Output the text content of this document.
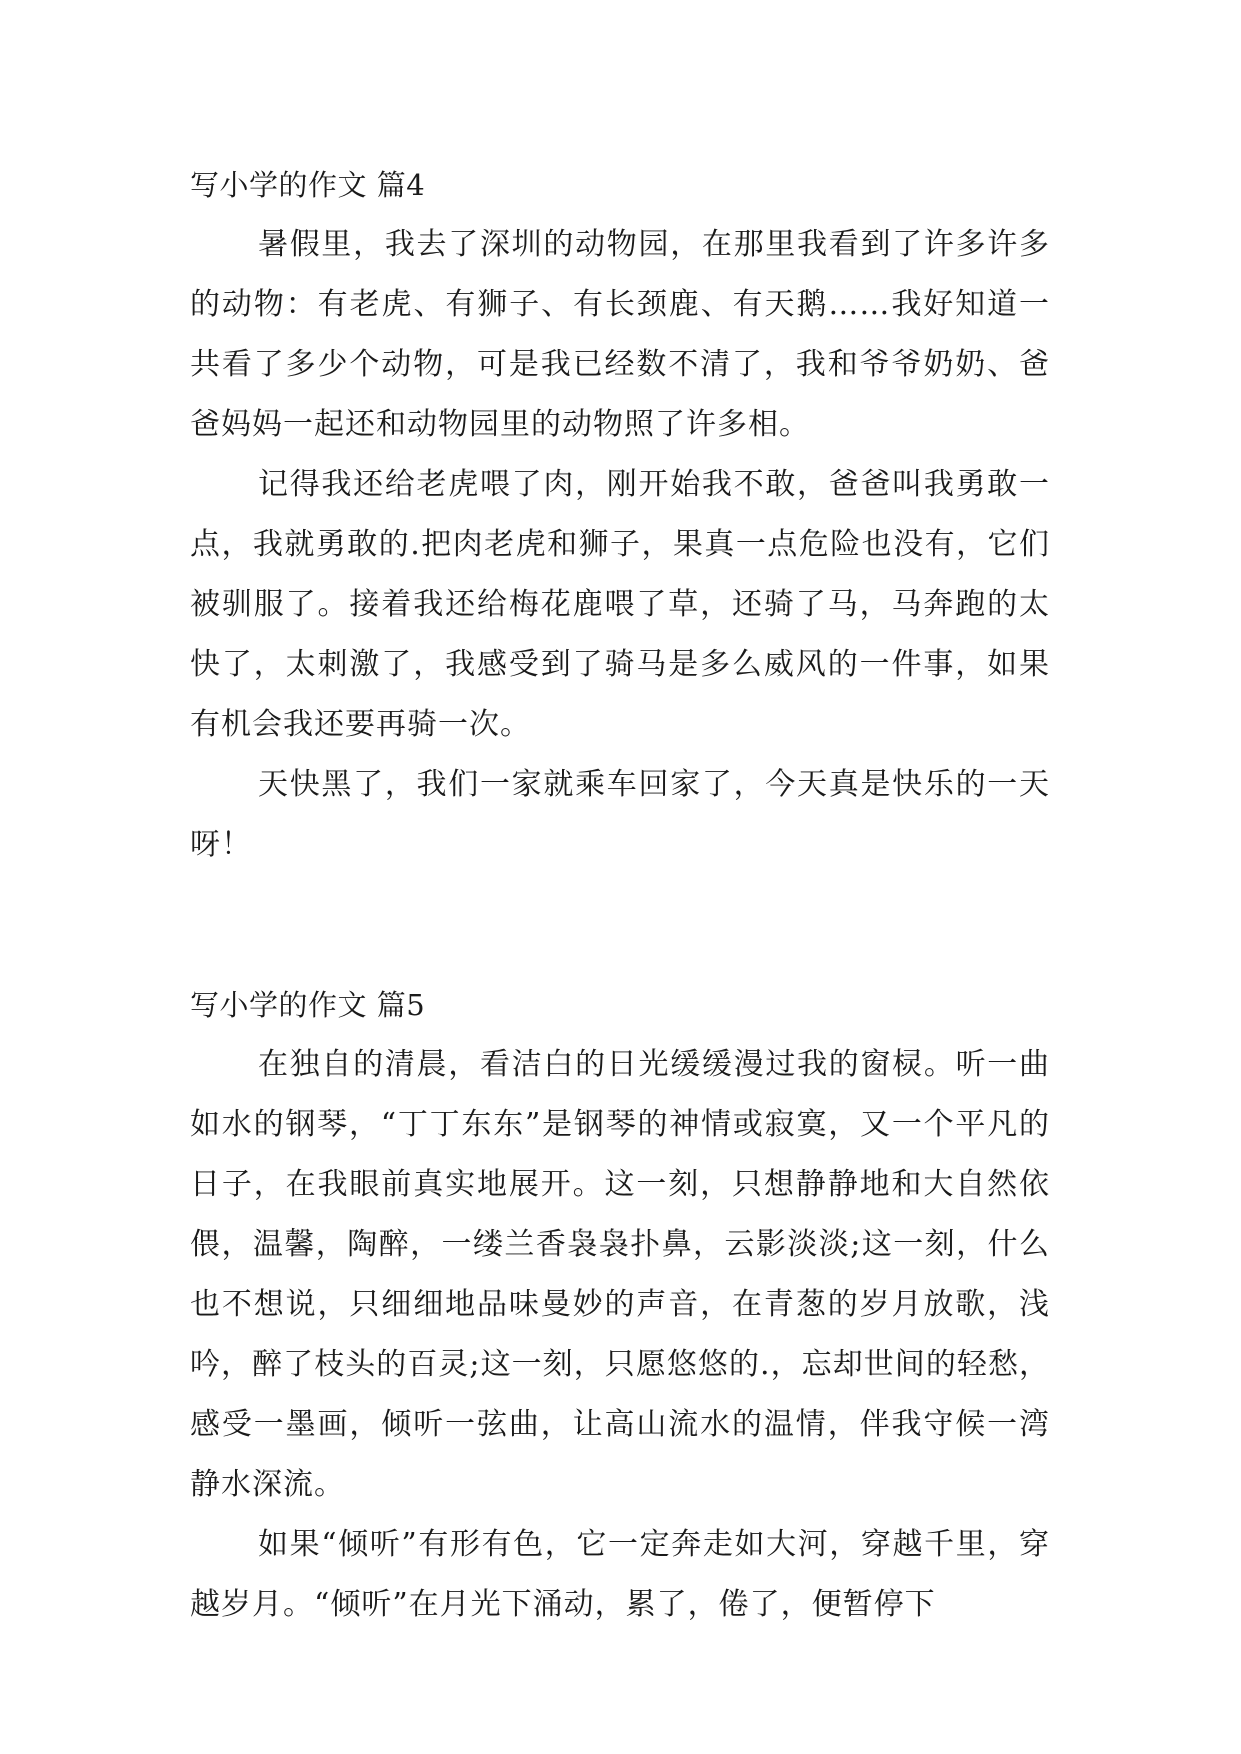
写小学的作文 篇4

暑假里，我去了深圳的动物园，在那里我看到了许多许多的动物：有老虎、有狮子、有长颈鹿、有天鹅……我好知道一共看了多少个动物，可是我已经数不清了，我和爷爷奶奶、爸爸妈妈一起还和动物园里的动物照了许多相。

记得我还给老虎喂了肉，刚开始我不敢，爸爸叫我勇敢一点，我就勇敢的.把肉老虎和狮子，果真一点危险也没有，它们被驯服了。接着我还给梅花鹿喂了草，还骑了马，马奔跑的太快了，太刺激了，我感受到了骑马是多么威风的一件事，如果有机会我还要再骑一次。

天快黑了，我们一家就乘车回家了，今天真是快乐的一天呀！

写小学的作文 篇5

在独自的清晨，看洁白的日光缓缓漫过我的窗棂。听一曲如水的钢琴，“丁丁东东”是钢琴的神情或寂寞，又一个平凡的日子，在我眼前真实地展开。这一刻，只想静静地和大自然依偎，温馨，陶醉，一缕兰香袅袅扑鼻，云影淡淡;这一刻，什么也不想说，只细细地品味曼妙的声音，在青葱的岁月放歌，浅吟，醉了枝头的百灵;这一刻，只愿悠悠的.，忘却世间的轻愁，感受一墨画，倾听一弦曲，让高山流水的温情，伴我守候一湾静水深流。

如果“倾听”有形有色，它一定奔走如大河，穿越千里，穿越岁月。“倾听”在月光下涌动，累了，倦了，便暂停下
